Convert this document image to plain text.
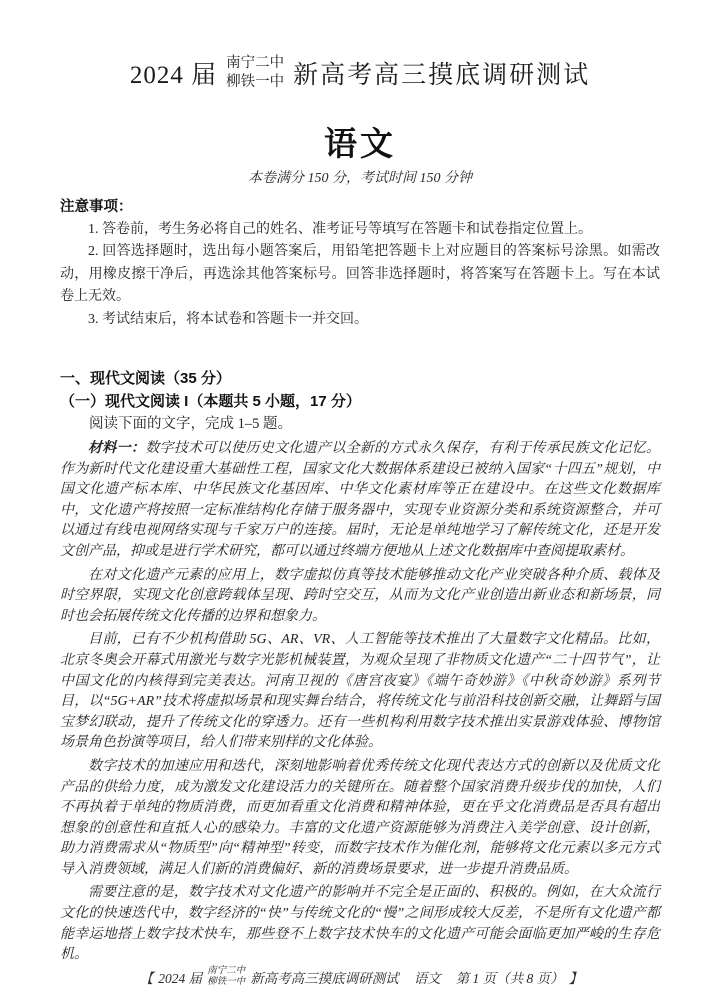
2024 届 南宁二中
柳铁一中 新高考高三摸底调研测试
语文
本卷满分 150 分，考试时间 150 分钟
注意事项：

1. 答卷前，考生务必将自己的姓名、准考证号等填写在答题卡和试卷指定位置上。

2. 回答选择题时，选出每小题答案后，用铅笔把答题卡上对应题目的答案标号涂黑。如需改动，用橡皮擦干净后，再选涂其他答案标号。回答非选择题时，将答案写在答题卡上。写在本试卷上无效。

3. 考试结束后，将本试卷和答题卡一并交回。

一、现代文阅读（35 分）
（一）现代文阅读 I（本题共 5 小题，17 分）

阅读下面的文字，完成 1–5 题。

材料一：数字技术可以使历史文化遗产以全新的方式永久保存，有利于传承民族文化记忆。作为新时代文化建设重大基础性工程，国家文化大数据体系建设已被纳入国家“十四五”规划，中国文化遗产标本库、中华民族文化基因库、中华文化素材库等正在建设中。在这些文化数据库中，文化遗产将按照一定标准结构化存储于服务器中，实现专业资源分类和系统资源整合，并可以通过有线电视网络实现与千家万户的连接。届时，无论是单纯地学习了解传统文化，还是开发文创产品，抑或是进行学术研究，都可以通过终端方便地从上述文化数据库中查阅提取素材。

在对文化遗产元素的应用上，数字虚拟仿真等技术能够推动文化产业突破各种介质、载体及时空界限，实现文化创意跨载体呈现、跨时空交互，从而为文化产业创造出新业态和新场景，同时也会拓展传统文化传播的边界和想象力。

目前，已有不少机构借助 5G、AR、VR、人工智能等技术推出了大量数字文化精品。比如，北京冬奥会开幕式用激光与数字光影机械装置，为观众呈现了非物质文化遗产“二十四节气”，让中国文化的内核得到完美表达。河南卫视的《唐宫夜宴》《端午奇妙游》《中秋奇妙游》系列节目，以“5G+AR”技术将虚拟场景和现实舞台结合，将传统文化与前沿科技创新交融，让舞蹈与国宝梦幻联动，提升了传统文化的穿透力。还有一些机构利用数字技术推出实景游戏体验、博物馆场景角色扮演等项目，给人们带来别样的文化体验。

数字技术的加速应用和迭代，深刻地影响着优秀传统文化现代表达方式的创新以及优质文化产品的供给力度，成为激发文化建设活力的关键所在。随着整个国家消费升级步伐的加快，人们不再执着于单纯的物质消费，而更加看重文化消费和精神体验，更在乎文化消费品是否具有超出想象的创意性和直抵人心的感染力。丰富的文化遗产资源能够为消费注入美学创意、设计创新，助力消费需求从“物质型”向“精神型”转变，而数字技术作为催化剂，能够将文化元素以多元方式导入消费领域，满足人们新的消费偏好、新的消费场景要求，进一步提升消费品质。

需要注意的是，数字技术对文化遗产的影响并不完全是正面的、积极的。例如，在大众流行文化的快速迭代中，数字经济的“快”与传统文化的“慢”之间形成较大反差，不是所有文化遗产都能幸运地搭上数字技术快车，那些登不上数字技术快车的文化遗产可能会面临更加严峻的生存危机。

【 2024 届 南宁二中
柳铁一中 新高考高三摸底调研测试 语文 第 1 页（共 8 页） 】
